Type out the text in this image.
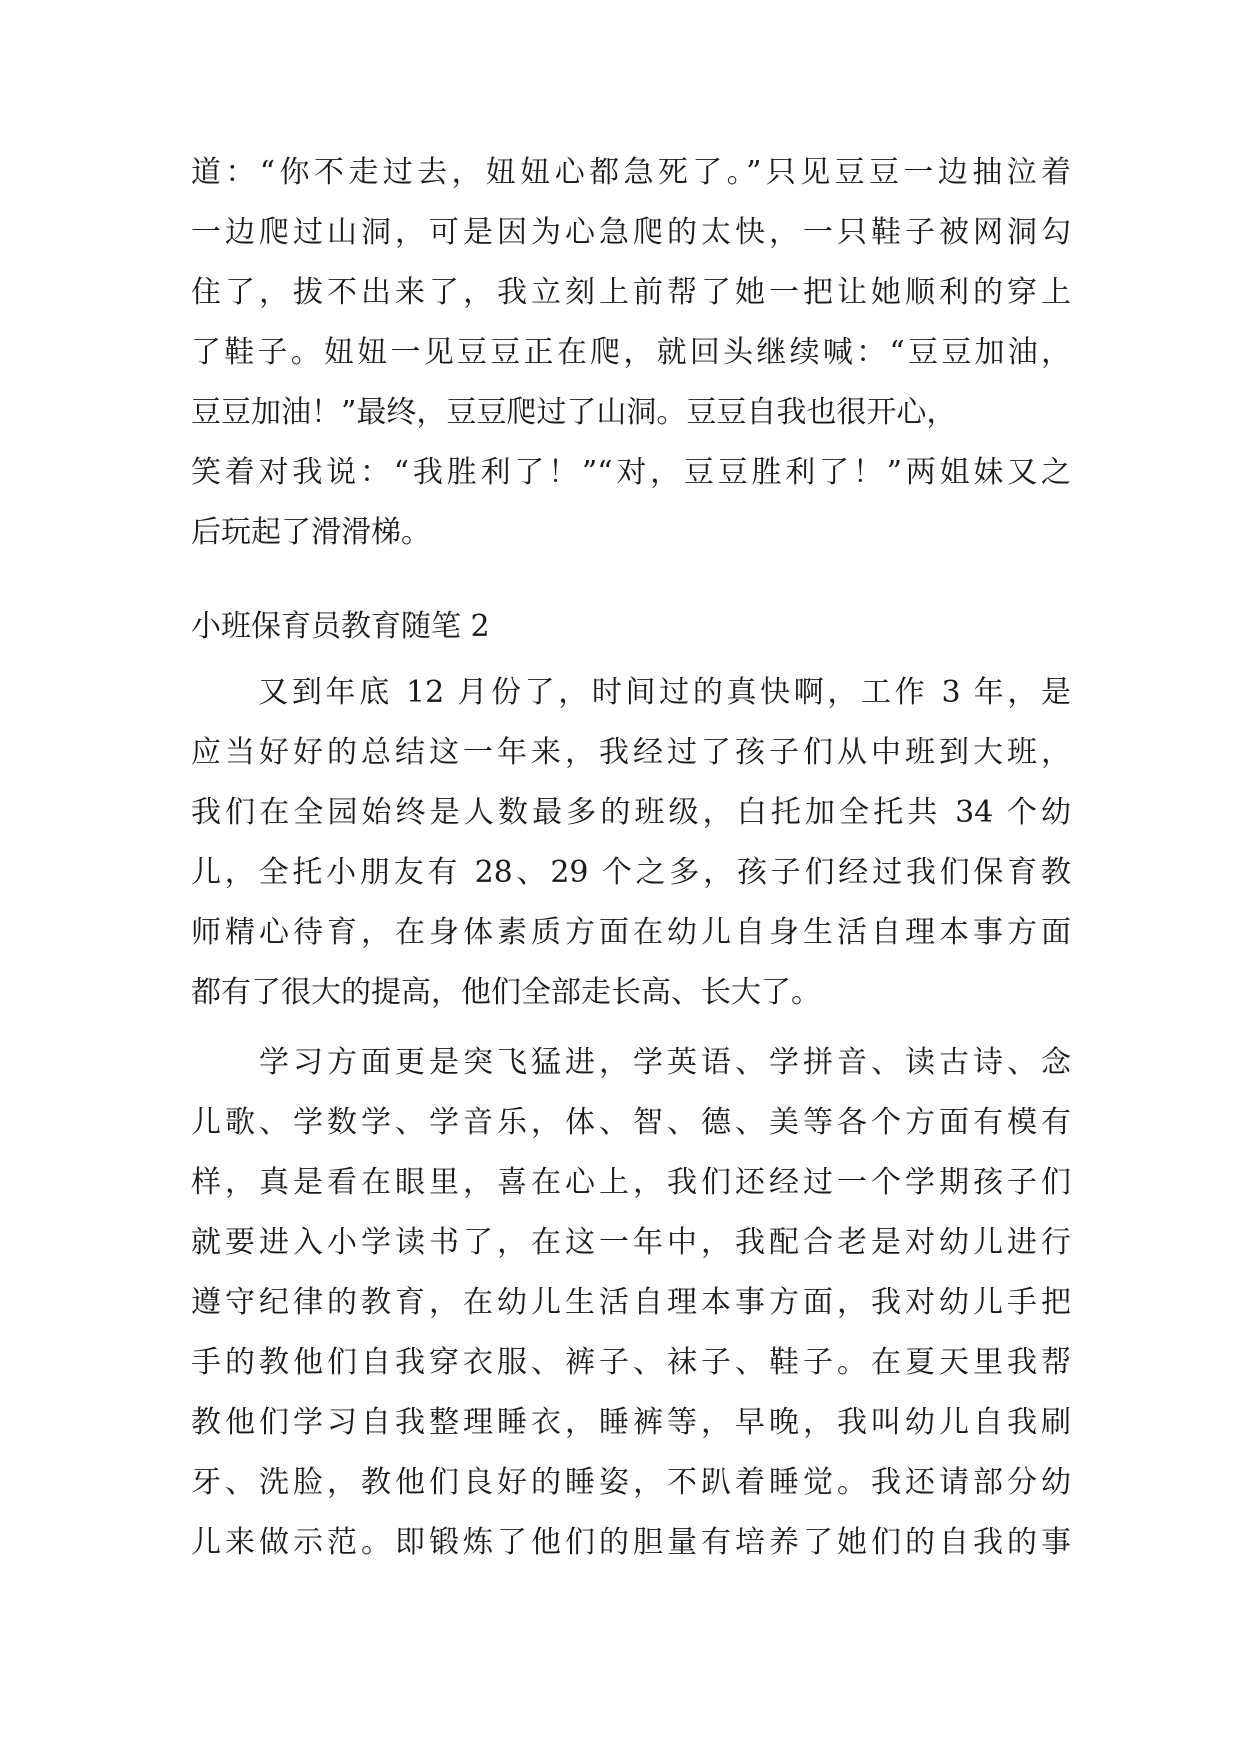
道：“你不走过去，妞妞心都急死了。”只见豆豆一边抽泣着
一边爬过山洞，可是因为心急爬的太快，一只鞋子被网洞勾
住了，拔不出来了，我立刻上前帮了她一把让她顺利的穿上
了鞋子。妞妞一见豆豆正在爬，就回头继续喊：“豆豆加油，
豆豆加油！”最终，豆豆爬过了山洞。豆豆自我也很开心，
笑着对我说：“我胜利了！”“对，豆豆胜利了！”两姐妹又之
后玩起了滑滑梯。
小班保育员教育随笔 2
　　又到年底 12 月份了，时间过的真快啊，工作 3 年，是
应当好好的总结这一年来，我经过了孩子们从中班到大班，
我们在全园始终是人数最多的班级，白托加全托共 34 个幼
儿，全托小朋友有 28、29 个之多，孩子们经过我们保育教
师精心待育，在身体素质方面在幼儿自身生活自理本事方面
都有了很大的提高，他们全部走长高、长大了。
　　学习方面更是突飞猛进，学英语、学拼音、读古诗、念
儿歌、学数学、学音乐，体、智、德、美等各个方面有模有
样，真是看在眼里，喜在心上，我们还经过一个学期孩子们
就要进入小学读书了，在这一年中，我配合老是对幼儿进行
遵守纪律的教育，在幼儿生活自理本事方面，我对幼儿手把
手的教他们自我穿衣服、裤子、袜子、鞋子。在夏天里我帮
教他们学习自我整理睡衣，睡裤等，早晚，我叫幼儿自我刷
牙、洗脸，教他们良好的睡姿，不趴着睡觉。我还请部分幼
儿来做示范。即锻炼了他们的胆量有培养了她们的自我的事
